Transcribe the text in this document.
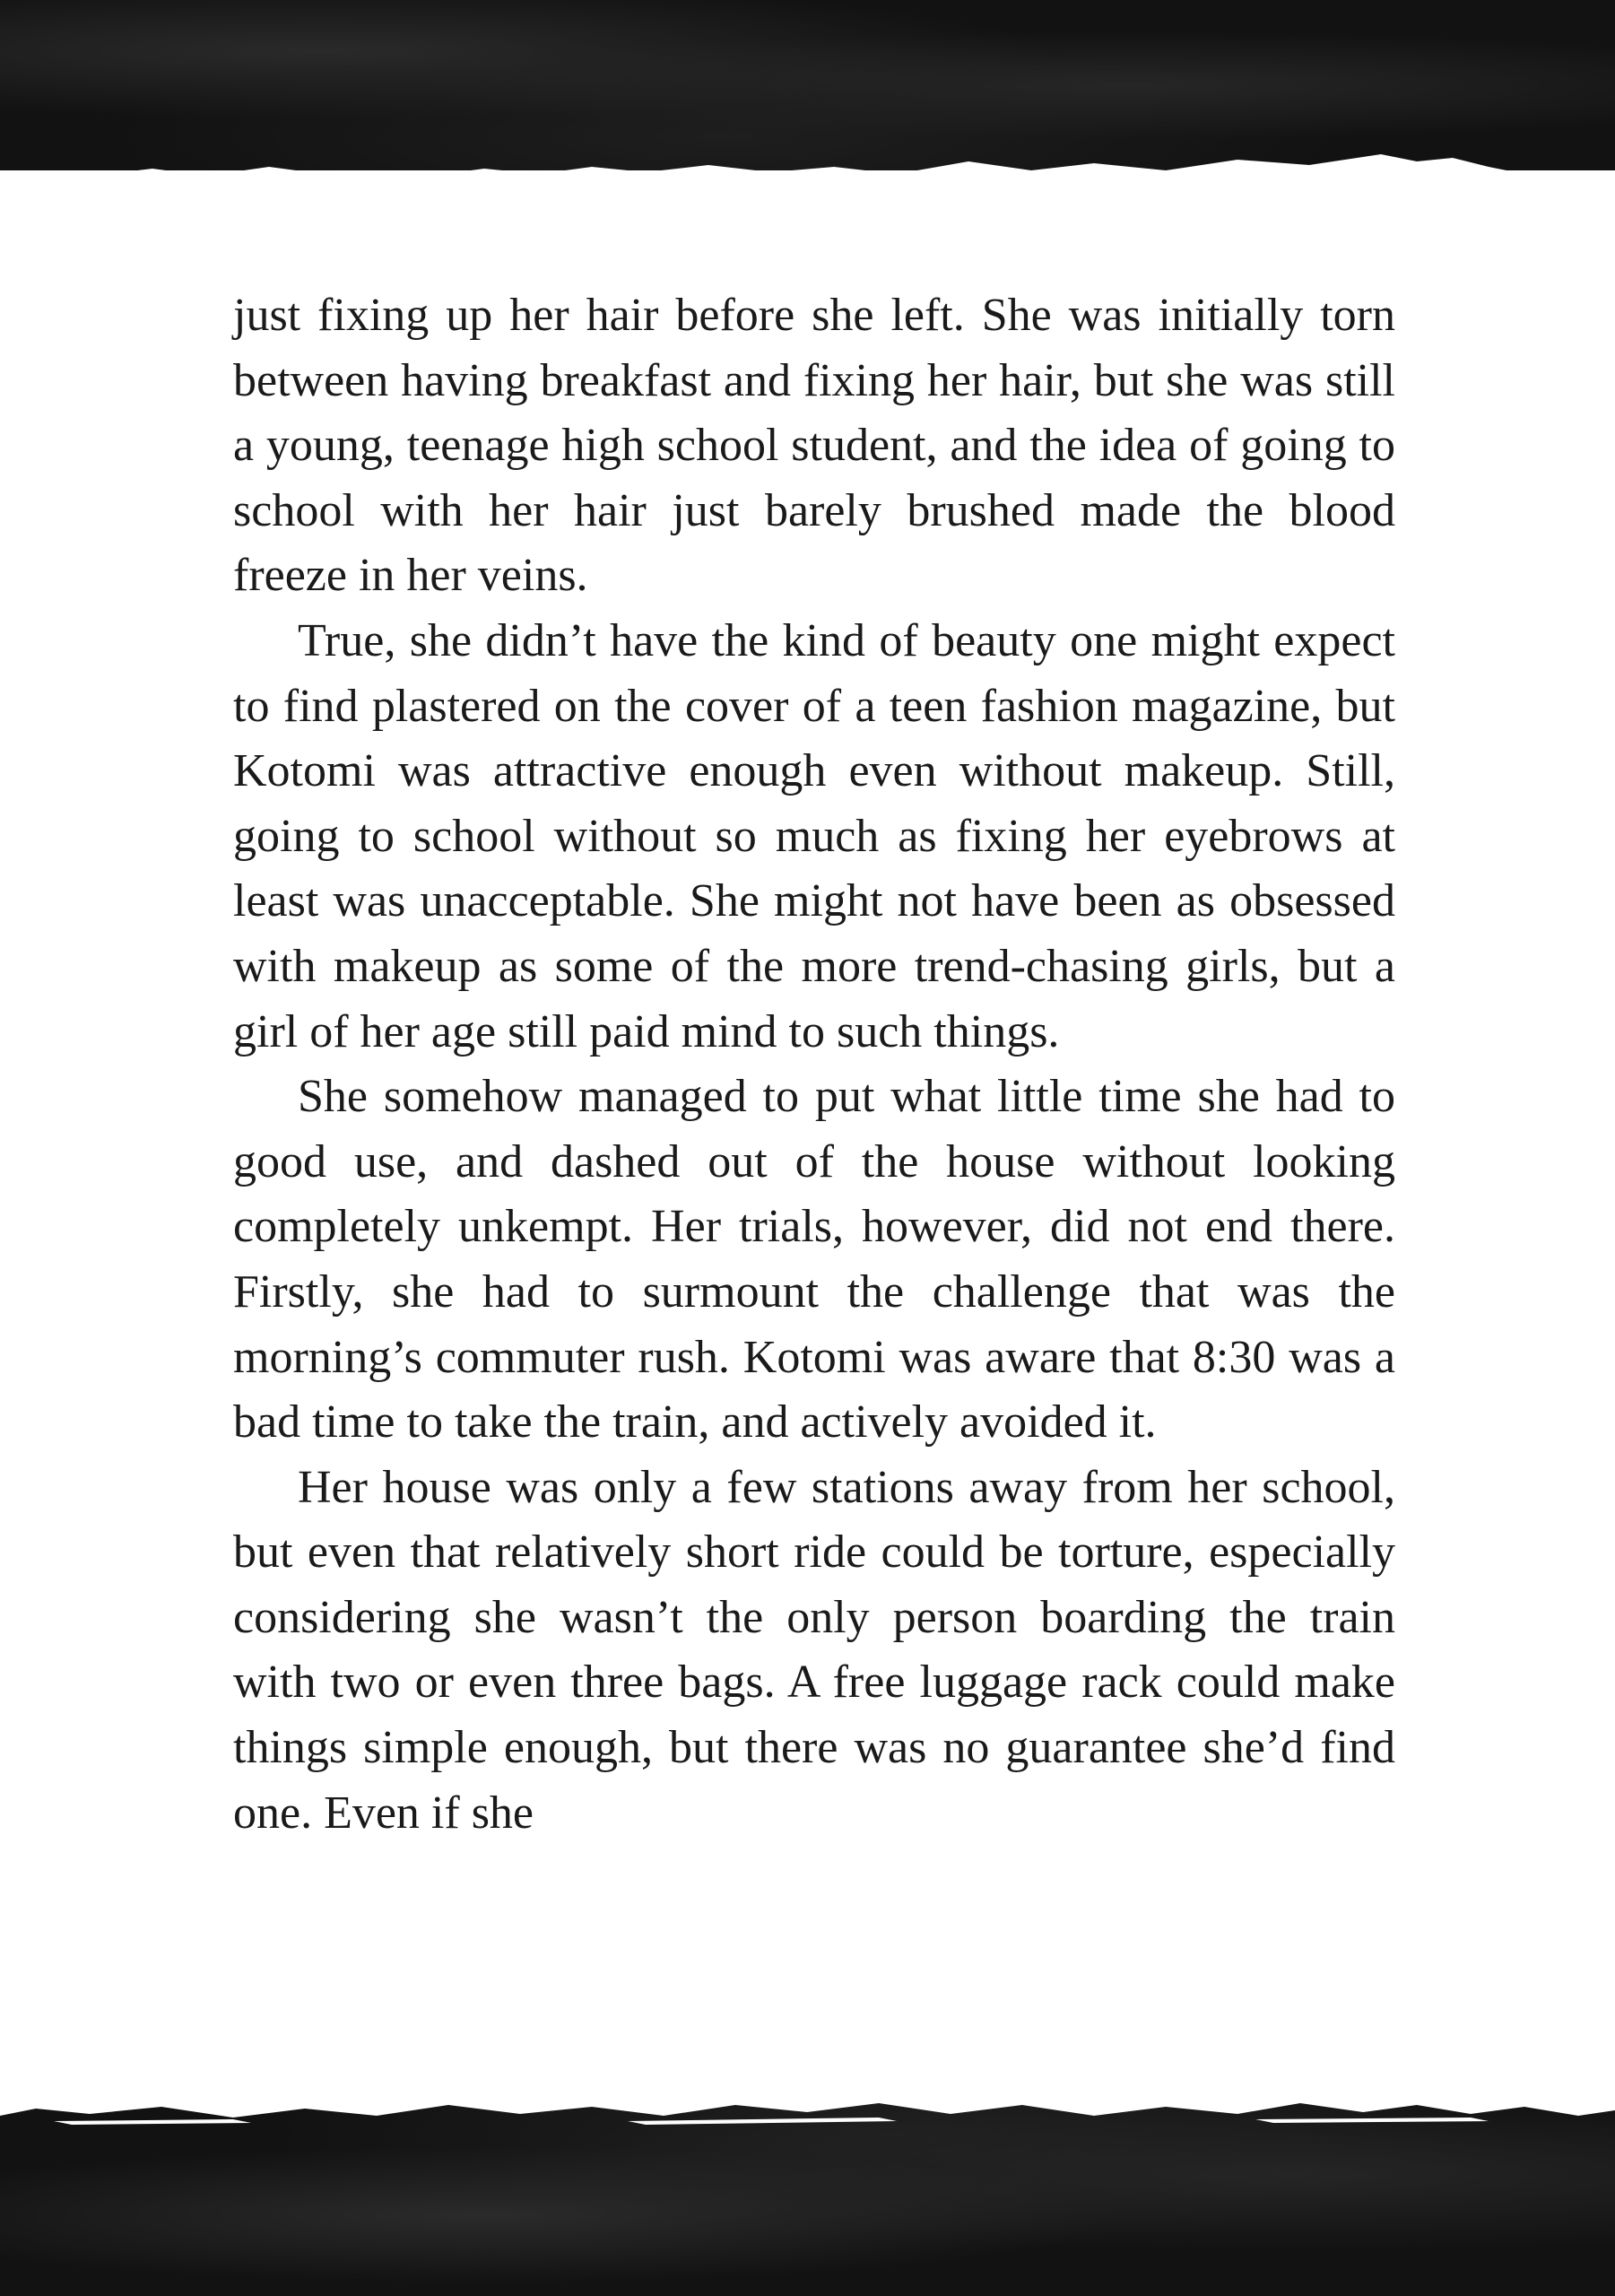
just fixing up her hair before she left. She was initially torn between having breakfast and fixing her hair, but she was still a young, teenage high school student, and the idea of going to school with her hair just barely brushed made the blood freeze in her veins.

True, she didn’t have the kind of beauty one might expect to find plastered on the cover of a teen fashion magazine, but Kotomi was attractive enough even without makeup. Still, going to school without so much as fixing her eyebrows at least was unacceptable. She might not have been as obsessed with makeup as some of the more trend-chasing girls, but a girl of her age still paid mind to such things.

She somehow managed to put what little time she had to good use, and dashed out of the house without looking completely unkempt. Her trials, however, did not end there. Firstly, she had to surmount the challenge that was the morning’s commuter rush. Kotomi was aware that 8:30 was a bad time to take the train, and actively avoided it.

Her house was only a few stations away from her school, but even that relatively short ride could be torture, especially considering she wasn’t the only person boarding the train with two or even three bags. A free luggage rack could make things simple enough, but there was no guarantee she’d find one. Even if she
